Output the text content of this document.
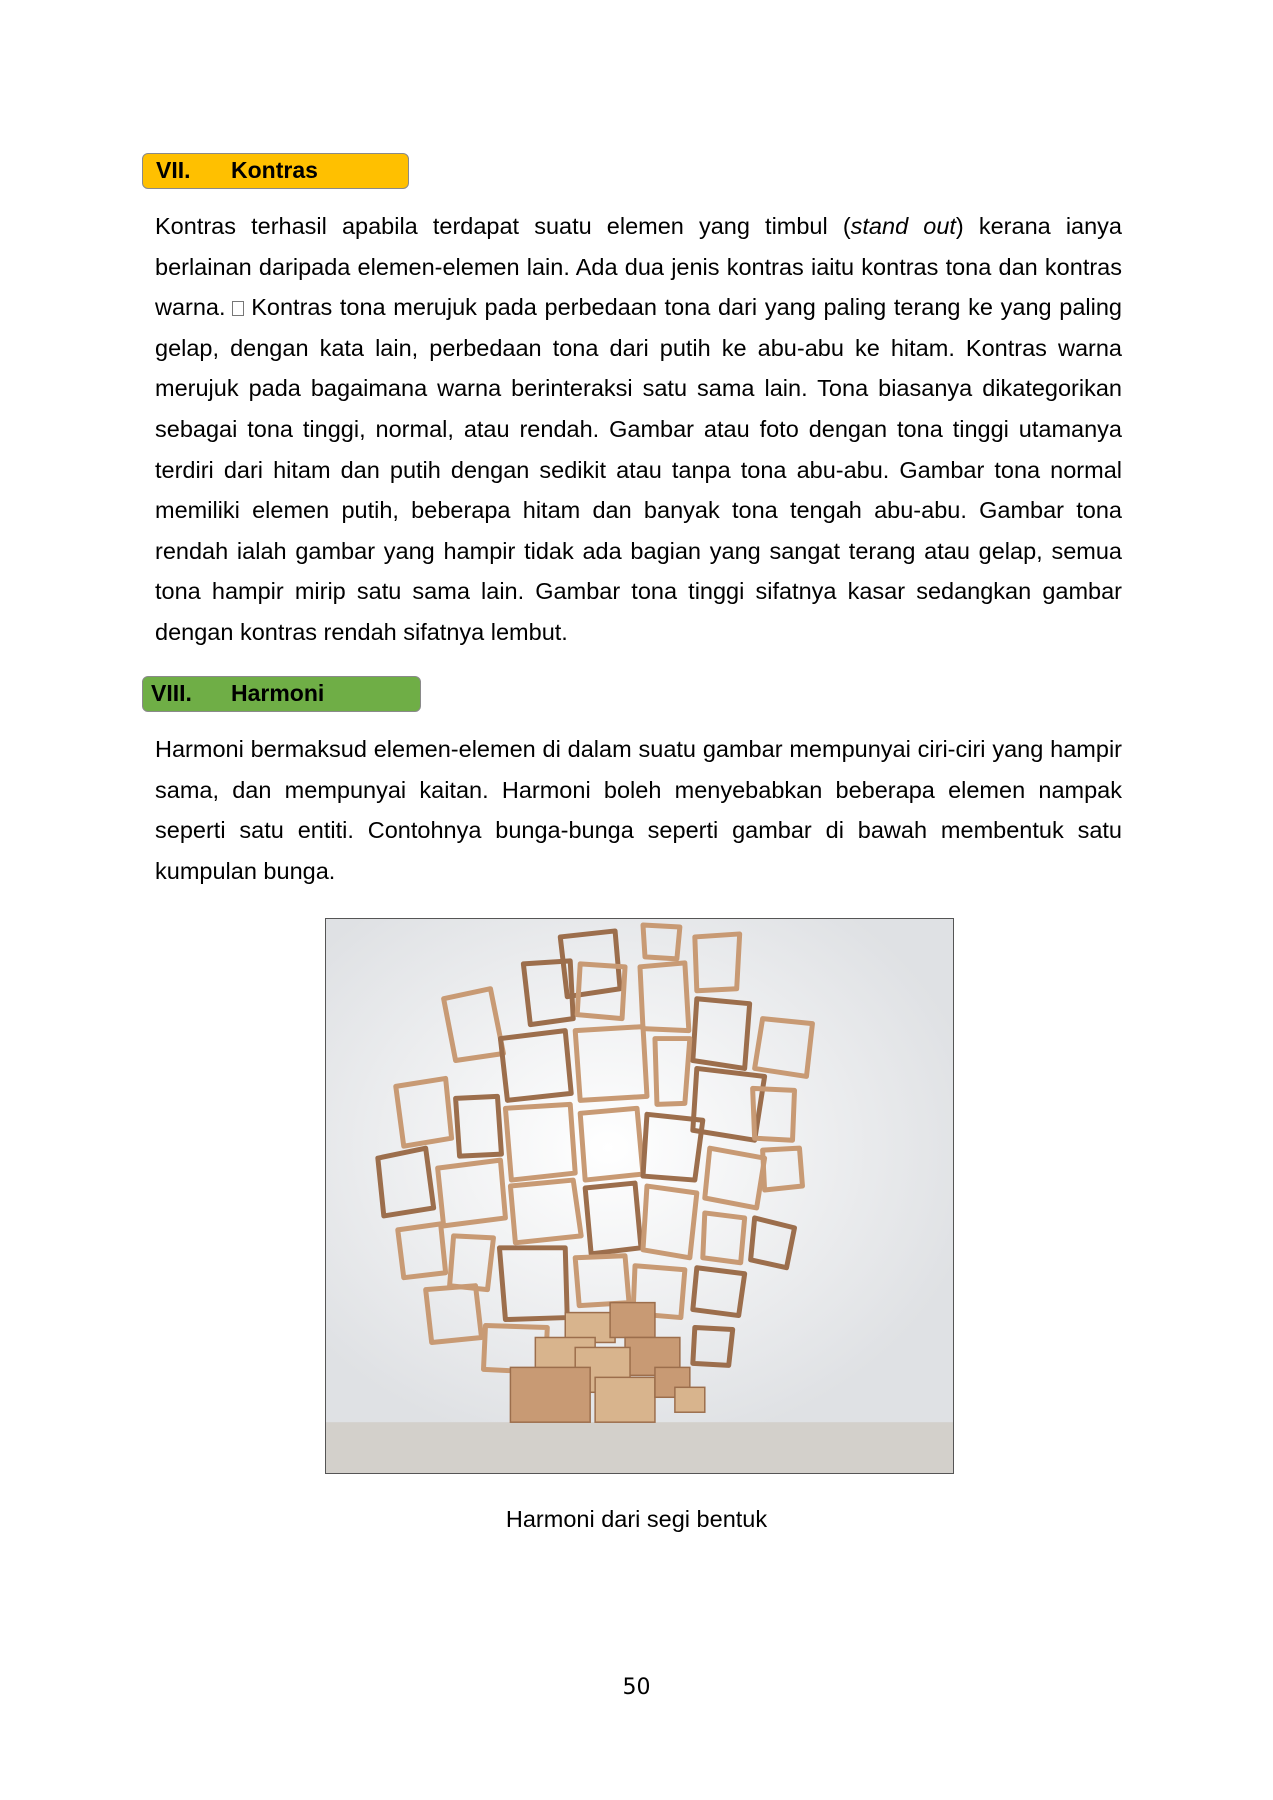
VII. Kontras

Kontras terhasil apabila terdapat suatu elemen yang timbul (stand out) kerana ianya berlainan daripada elemen-elemen lain. Ada dua jenis kontras iaitu kontras tona dan kontras warna. Kontras tona merujuk pada perbedaan tona dari yang paling terang ke yang paling gelap, dengan kata lain, perbedaan tona dari putih ke abu-abu ke hitam. Kontras warna merujuk pada bagaimana warna berinteraksi satu sama lain. Tona biasanya dikategorikan sebagai tona tinggi, normal, atau rendah. Gambar atau foto dengan tona tinggi utamanya terdiri dari hitam dan putih dengan sedikit atau tanpa tona abu-abu. Gambar tona normal memiliki elemen putih, beberapa hitam dan banyak tona tengah abu-abu. Gambar tona rendah ialah gambar yang hampir tidak ada bagian yang sangat terang atau gelap, semua tona hampir mirip satu sama lain. Gambar tona tinggi sifatnya kasar sedangkan gambar dengan kontras rendah sifatnya lembut.

VIII. Harmoni

Harmoni bermaksud elemen-elemen di dalam suatu gambar mempunyai ciri-ciri yang hampir sama, dan mempunyai kaitan. Harmoni boleh menyebabkan beberapa elemen nampak seperti satu entiti. Contohnya bunga-bunga seperti gambar di bawah membentuk satu kumpulan bunga.

Harmoni dari segi bentuk
50
